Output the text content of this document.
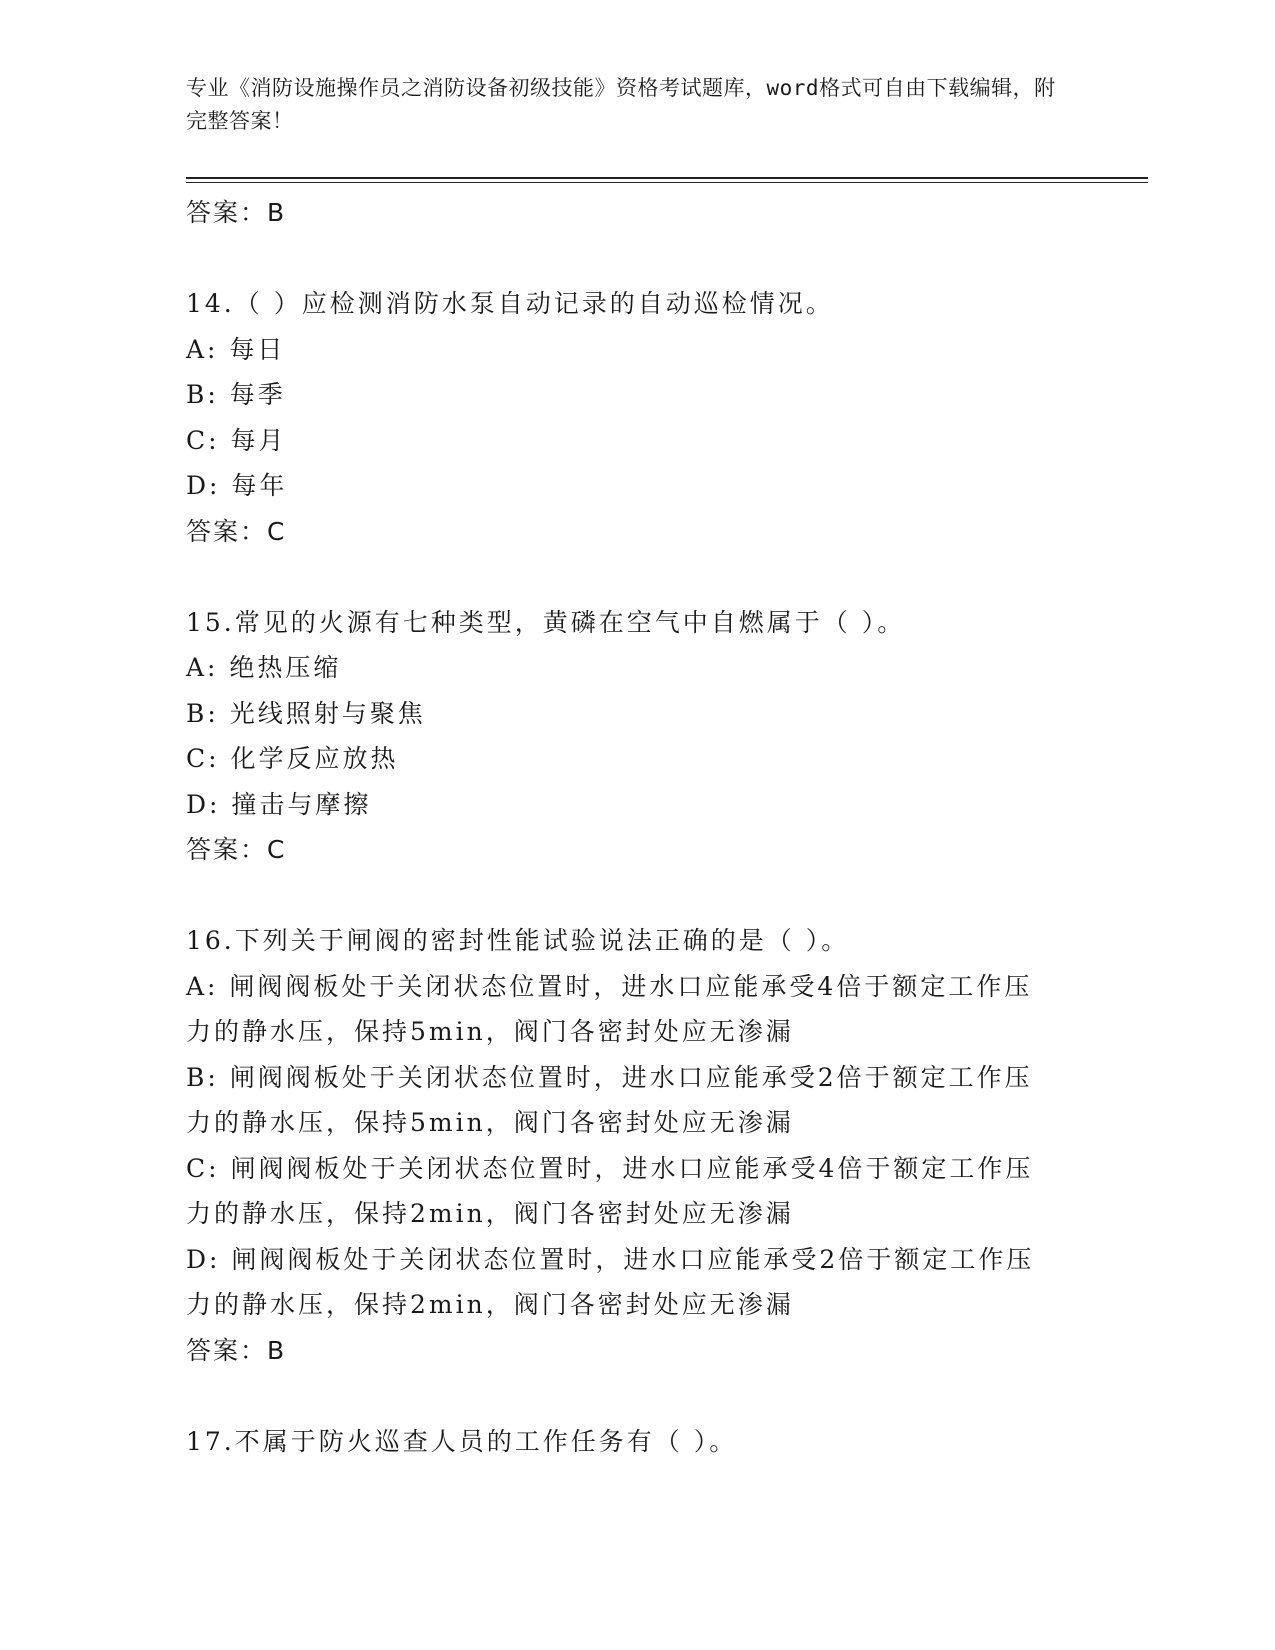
专业《消防设施操作员之消防设备初级技能》资格考试题库，word格式可自由下载编辑，附完整答案！
答案：B
14.（ ）应检测消防水泵自动记录的自动巡检情况。
A: 每日
B: 每季
C: 每月
D: 每年
答案：C
15.常见的火源有七种类型，黄磷在空气中自燃属于（ ）。
A: 绝热压缩
B: 光线照射与聚焦
C: 化学反应放热
D: 撞击与摩擦
答案：C
16.下列关于闸阀的密封性能试验说法正确的是（ ）。
A: 闸阀阀板处于关闭状态位置时，进水口应能承受4倍于额定工作压
力的静水压，保持5min，阀门各密封处应无渗漏
B: 闸阀阀板处于关闭状态位置时，进水口应能承受2倍于额定工作压
力的静水压，保持5min，阀门各密封处应无渗漏
C: 闸阀阀板处于关闭状态位置时，进水口应能承受4倍于额定工作压
力的静水压，保持2min，阀门各密封处应无渗漏
D: 闸阀阀板处于关闭状态位置时，进水口应能承受2倍于额定工作压
力的静水压，保持2min，阀门各密封处应无渗漏
答案：B
17.不属于防火巡查人员的工作任务有（ ）。
